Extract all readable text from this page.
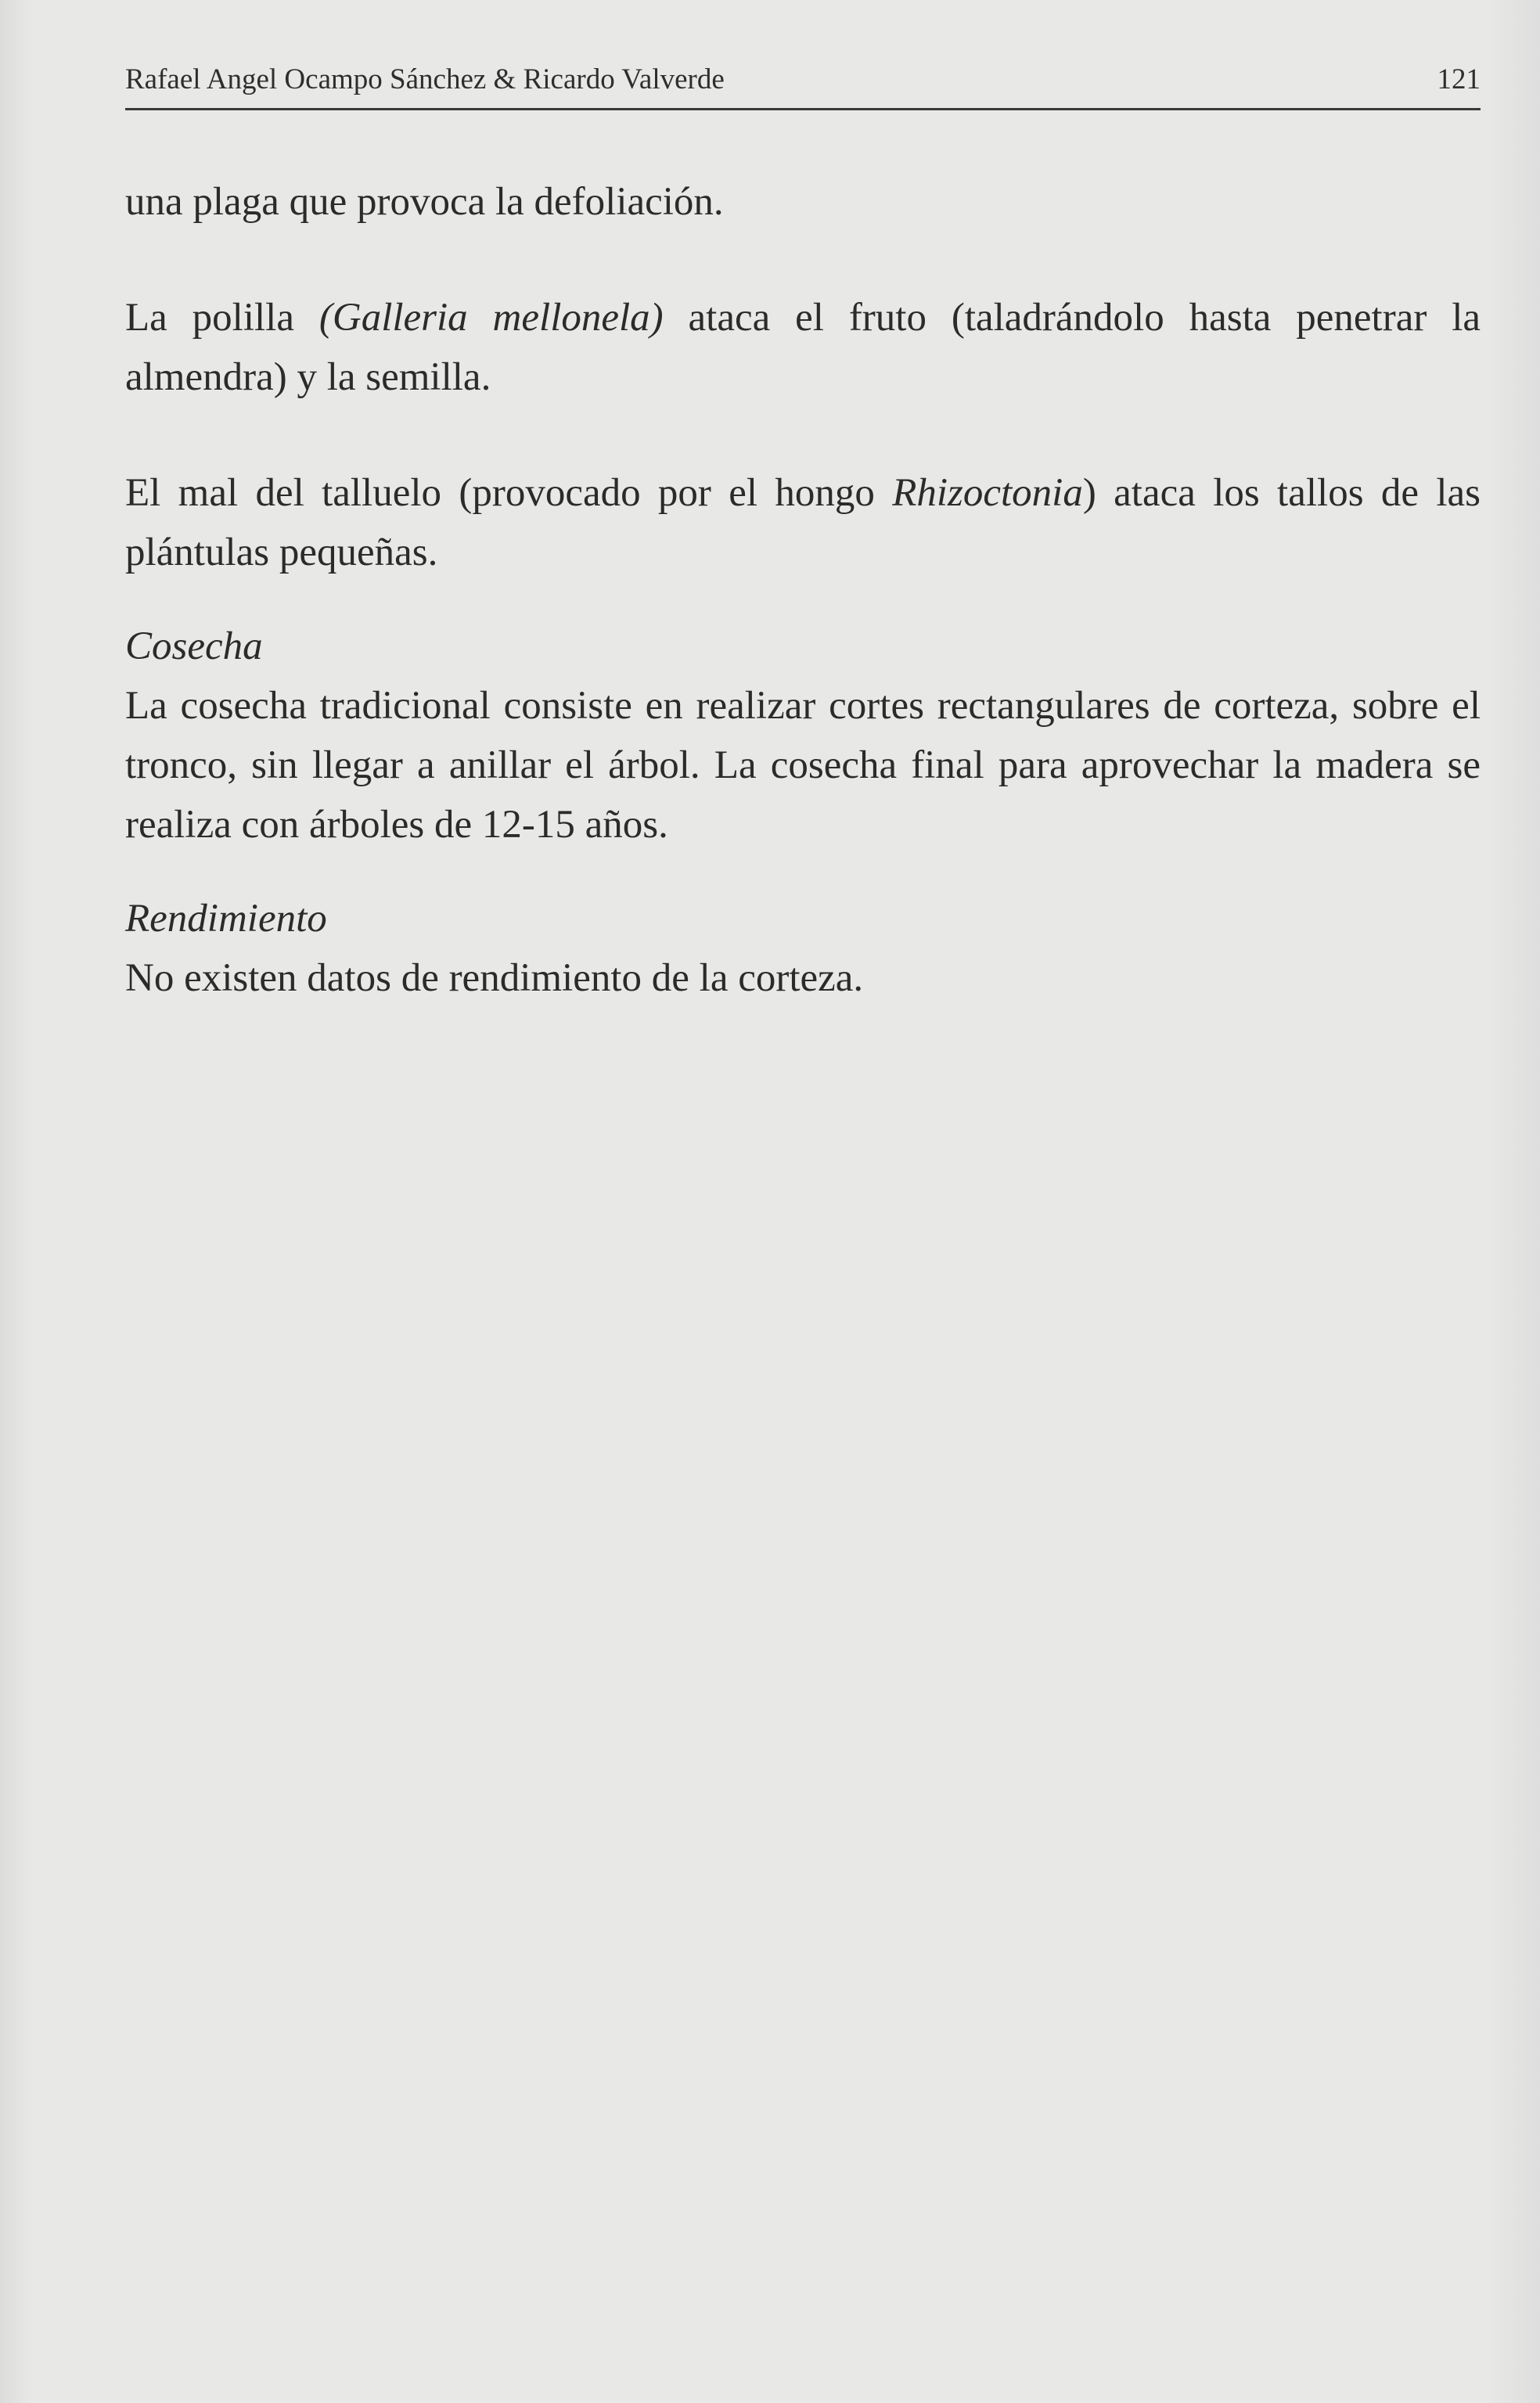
Rafael Angel Ocampo Sánchez & Ricardo Valverde	121

una plaga que provoca la defoliación.

La polilla (Galleria mellonela) ataca el fruto (taladrándolo hasta penetrar la almendra) y la semilla.

El mal del talluelo (provocado por el hongo Rhizoctonia) ataca los tallos de las plántulas pequeñas.

Cosecha

La cosecha tradicional consiste en realizar cortes rectangulares de corteza, sobre el tronco, sin llegar a anillar el árbol. La cosecha final para aprovechar la madera se realiza con árboles de 12-15 años.

Rendimiento

No existen datos de rendimiento de la corteza.
